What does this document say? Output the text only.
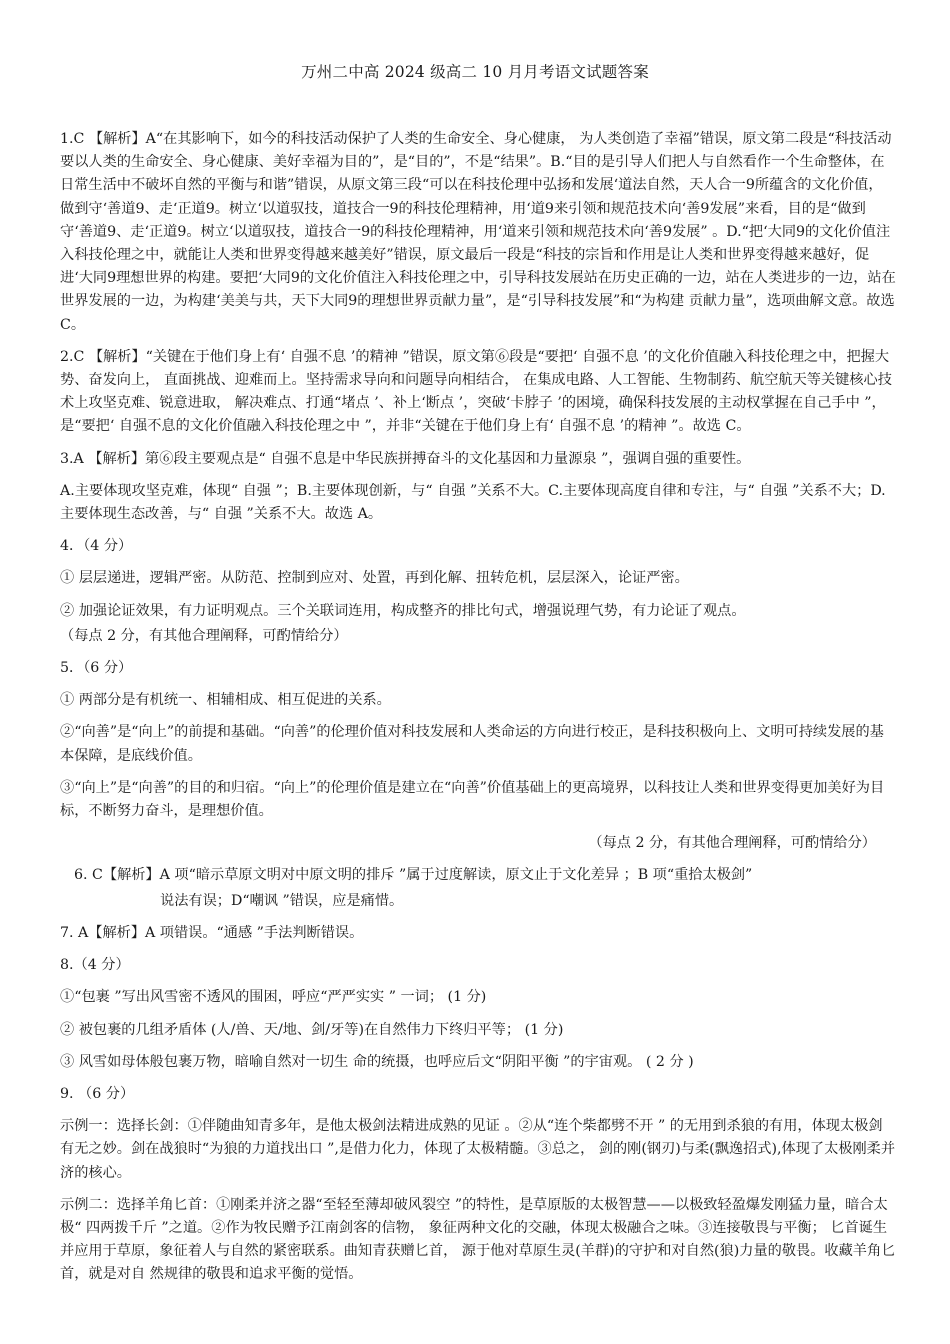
万州二中高 2024 级高二 10 月月考语文试题答案

1.C 【解析】A“在其影响下，如今的科技活动保护了人类的生命安全、身心健康， 为人类创造了幸福”错误，原文第二段是“科技活动要以人类的生命安全、身心健康、美好幸福为目的”，是“目的”，不是“结果”。B.“目的是引导人们把人与自然看作一个生命整体，在日常生活中不破坏自然的平衡与和谐”错误，从原文第三段“可以在科技伦理中弘扬和发展‘道法自然，天人合一9所蕴含的文化价值，做到守‘善道9、走‘正道9。树立‘以道驭技，道技合一9的科技伦理精神，用‘道9来引领和规范技术向‘善9发展”来看，目的是“做到守‘善道9、走‘正道9。树立‘以道驭技，道技合一9的科技伦理精神，用‘道来引领和规范技术向‘善9发展” 。D.“把‘大同9的文化价值注入科技伦理之中，就能让人类和世界变得越来越美好”错误，原文最后一段是“科技的宗旨和作用是让人类和世界变得越来越好，促进‘大同9理想世界的构建。要把‘大同9的文化价值注入科技伦理之中，引导科技发展站在历史正确的一边，站在人类进步的一边，站在世界发展的一边，为构建‘美美与共，天下大同9的理想世界贡献力量”，是“引导科技发展”和“为构建 贡献力量”，选项曲解文意。故选 C。

2.C 【解析】“关键在于他们身上有‘ 自强不息 ’的精神 ”错误，原文第⑥段是“要把‘ 自强不息 ’的文化价值融入科技伦理之中，把握大势、奋发向上， 直面挑战、迎难而上。坚持需求导向和问题导向相结合， 在集成电路、人工智能、生物制药、航空航天等关键核心技术上攻坚克难、锐意进取， 解决难点、打通“堵点 ’、补上‘断点 ’，突破‘卡脖子 ’的困境，确保科技发展的主动权掌握在自己手中 ”，是“要把‘ 自强不息的文化价值融入科技伦理之中 ”，并非“关键在于他们身上有‘ 自强不息 ’的精神 ”。故选 C。

3.A 【解析】第⑥段主要观点是“ 自强不息是中华民族拼搏奋斗的文化基因和力量源泉 ”，强调自强的重要性。

A.主要体现攻坚克难，体现“ 自强 ”；B.主要体现创新，与“ 自强 ”关系不大。C.主要体现高度自律和专注，与“ 自强 ”关系不大；D.主要体现生态改善，与“ 自强 ”关系不大。故选 A。

4．（4 分）

① 层层递进，逻辑严密。从防范、控制到应对、处置，再到化解、扭转危机，层层深入，论证严密。

② 加强论证效果，有力证明观点。三个关联词连用，构成整齐的排比句式，增强说理气势，有力论证了观点。

（每点 2 分，有其他合理阐释，可酌情给分）

5．（6 分）

① 两部分是有机统一、相辅相成、相互促进的关系。

②“向善”是“向上”的前提和基础。“向善”的伦理价值对科技发展和人类命运的方向进行校正，是科技积极向上、文明可持续发展的基本保障，是底线价值。

③“向上”是“向善”的目的和归宿。“向上”的伦理价值是建立在“向善”价值基础上的更高境界，以科技让人类和世界变得更加美好为目标，不断努力奋斗，是理想价值。

（每点 2 分，有其他合理阐释，可酌情给分）

6. C【解析】A 项“暗示草原文明对中原文明的排斥 ”属于过度解读，原文止于文化差异 ；B 项“重拾太极剑”

说法有误；D“嘲讽 ”错误，应是痛惜。

7. A【解析】A 项错误。“通感 ”手法判断错误。

8.（4 分）

①“包裹 ”写出风雪密不透风的围困，呼应“严严实实 ” 一词； (1 分)

② 被包裹的几组矛盾体 (人/兽、天/地、剑/牙等)在自然伟力下终归平等； (1 分)

③ 风雪如母体般包裹万物，暗喻自然对一切生 命的统摄，也呼应后文“阴阳平衡 ”的宇宙观。 ( 2 分 )

9. （6 分）

示例一：选择长剑：①伴随曲知青多年，是他太极剑法精进成熟的见证 。②从“连个柴都劈不开 ” 的无用到杀狼的有用，体现太极剑有无之妙。剑在战狼时“为狼的力道找出口 ”,是借力化力，体现了太极精髓。③总之， 剑的刚(钢刃)与柔(飘逸招式),体现了太极刚柔并济的核心。

示例二：选择羊角匕首：①刚柔并济之器“至轻至薄却破风裂空 ”的特性，是草原版的太极智慧——以极致轻盈爆发刚猛力量，暗合太极“ 四两拨千斤 ”之道。②作为牧民赠予江南剑客的信物， 象征两种文化的交融，体现太极融合之味。③连接敬畏与平衡； 匕首诞生并应用于草原，象征着人与自然的紧密联系。曲知青获赠匕首， 源于他对草原生灵(羊群)的守护和对自然(狼)力量的敬畏。收藏羊角匕首，就是对自 然规律的敬畏和追求平衡的觉悟。
